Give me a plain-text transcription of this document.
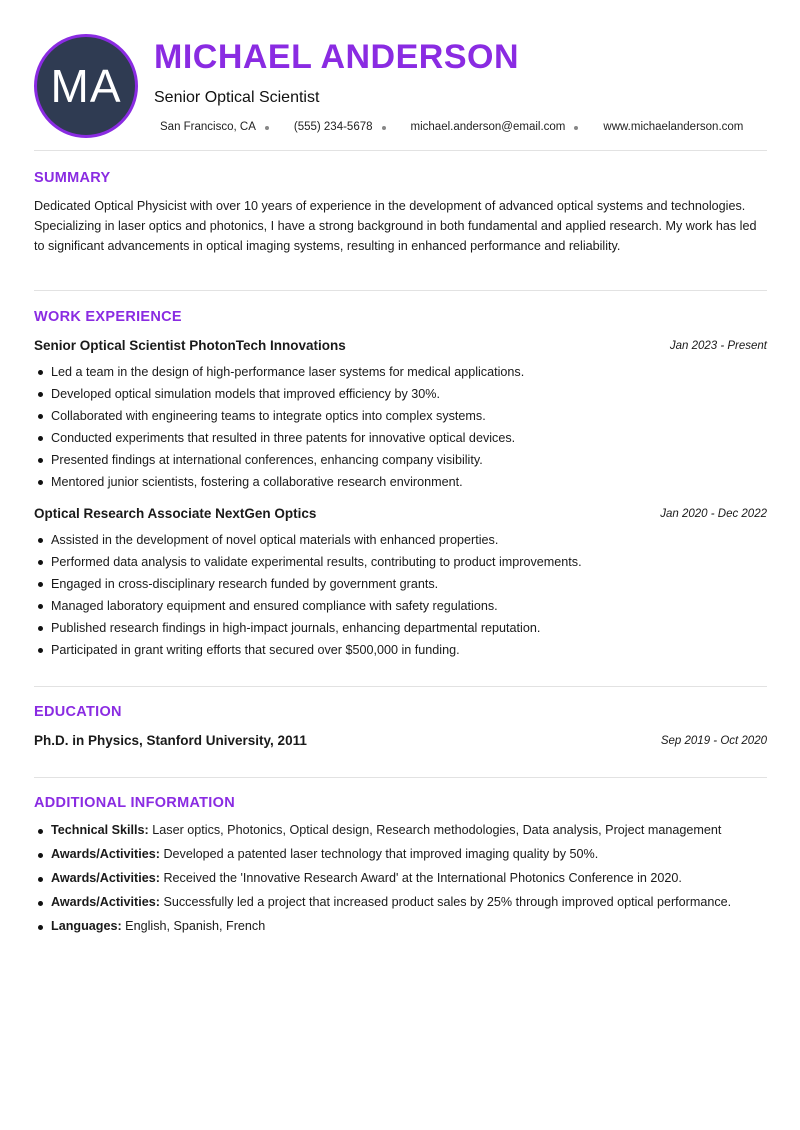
MA
MICHAEL ANDERSON
Senior Optical Scientist
San Francisco, CA	(555) 234-5678	michael.anderson@email.com	www.michaelanderson.com
SUMMARY

Dedicated Optical Physicist with over 10 years of experience in the development of advanced optical systems and technologies. Specializing in laser optics and photonics, I have a strong background in both fundamental and applied research. My work has led to significant advancements in optical imaging systems, resulting in enhanced performance and reliability.

WORK EXPERIENCE
Senior Optical Scientist PhotonTech Innovations	Jan 2023 - Present
Led a team in the design of high-performance laser systems for medical applications.
Developed optical simulation models that improved efficiency by 30%.
Collaborated with engineering teams to integrate optics into complex systems.
Conducted experiments that resulted in three patents for innovative optical devices.
Presented findings at international conferences, enhancing company visibility.
Mentored junior scientists, fostering a collaborative research environment.
Optical Research Associate NextGen Optics	Jan 2020 - Dec 2022
Assisted in the development of novel optical materials with enhanced properties.
Performed data analysis to validate experimental results, contributing to product improvements.
Engaged in cross-disciplinary research funded by government grants.
Managed laboratory equipment and ensured compliance with safety regulations.
Published research findings in high-impact journals, enhancing departmental reputation.
Participated in grant writing efforts that secured over $500,000 in funding.
EDUCATION
Ph.D. in Physics, Stanford University, 2011	Sep 2019 - Oct 2020
ADDITIONAL INFORMATION
Technical Skills: Laser optics, Photonics, Optical design, Research methodologies, Data analysis, Project management
Awards/Activities: Developed a patented laser technology that improved imaging quality by 50%.
Awards/Activities: Received the 'Innovative Research Award' at the International Photonics Conference in 2020.
Awards/Activities: Successfully led a project that increased product sales by 25% through improved optical performance.
Languages: English, Spanish, French
